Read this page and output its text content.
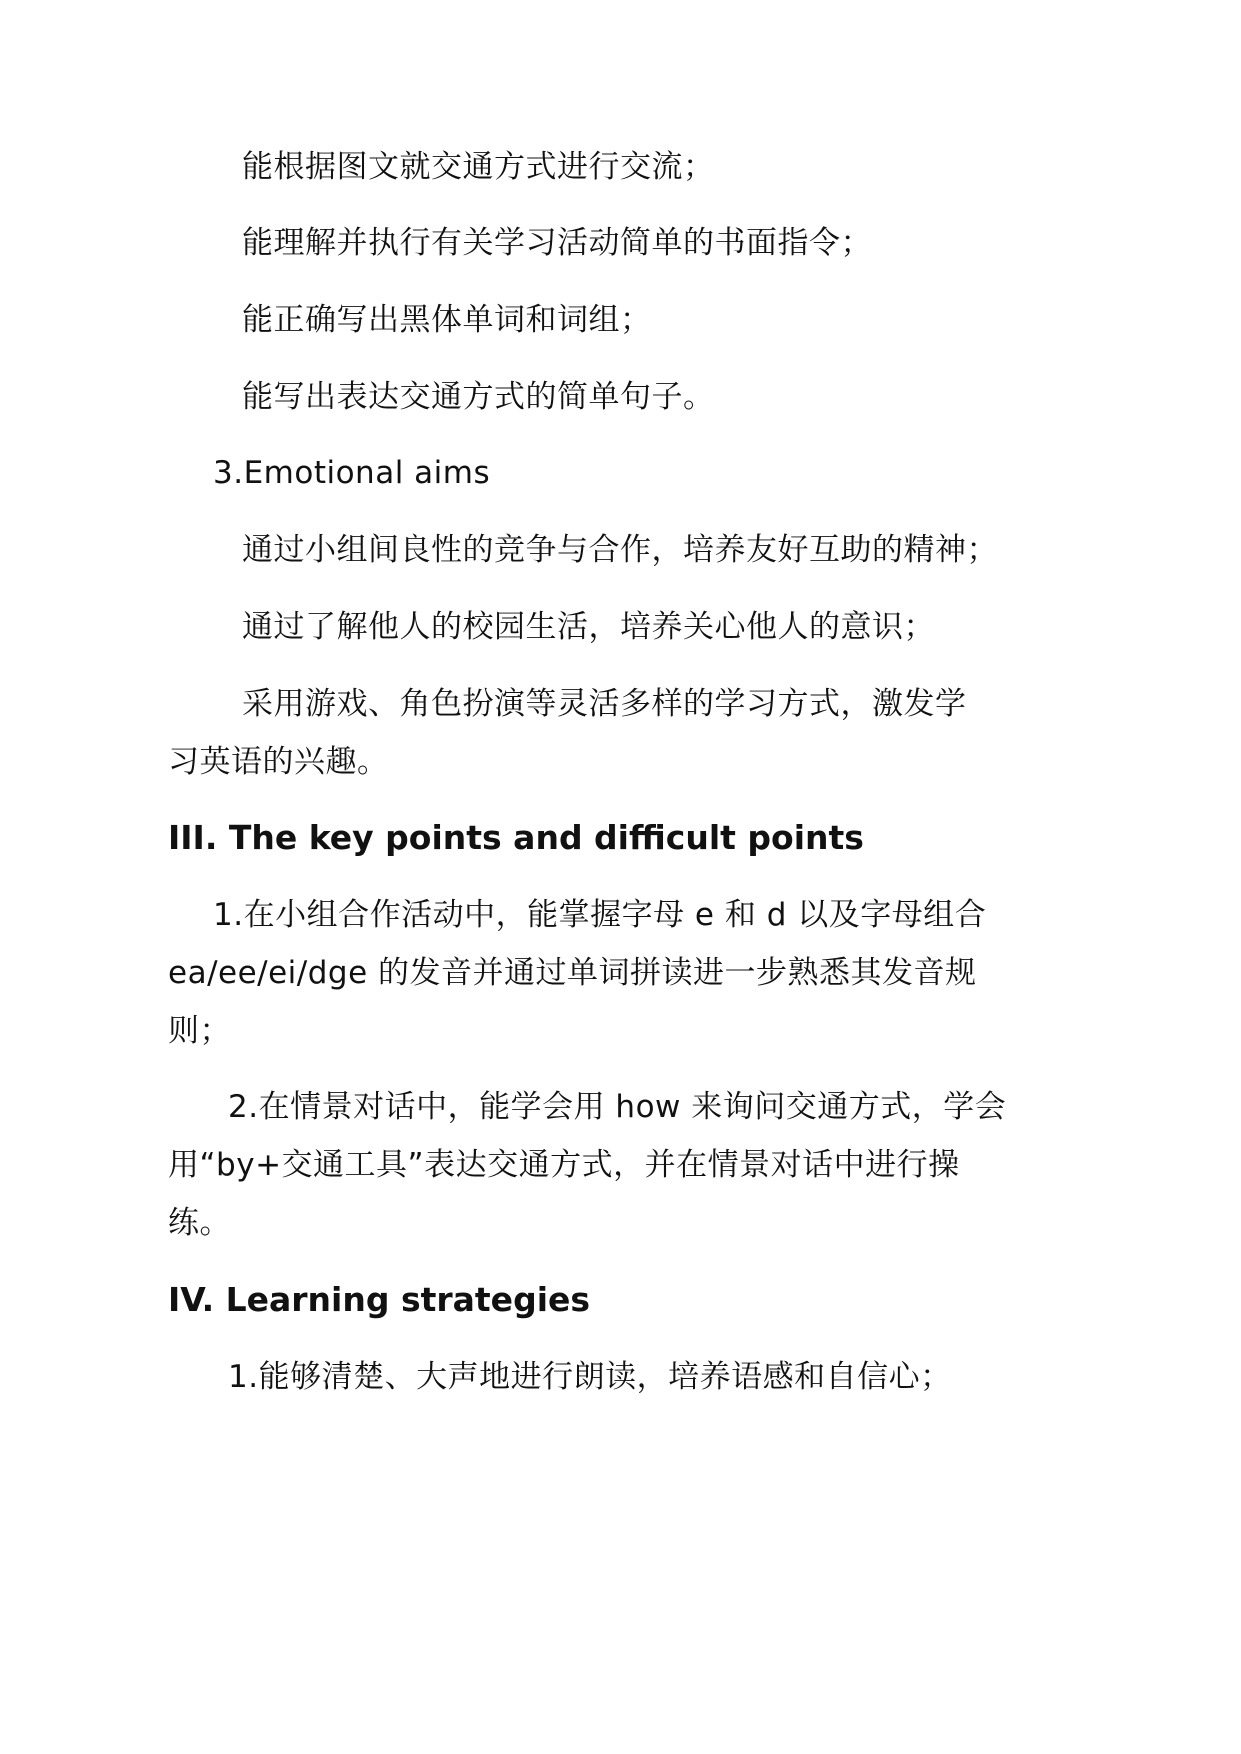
能根据图文就交通方式进行交流；
能理解并执行有关学习活动简单的书面指令；
能正确写出黑体单词和词组；
能写出表达交通方式的简单句子。
3.Emotional aims
通过小组间良性的竞争与合作，培养友好互助的精神；
通过了解他人的校园生活，培养关心他人的意识；
采用游戏、角色扮演等灵活多样的学习方式，激发学
习英语的兴趣。
III. The key points and difficult points
1.在小组合作活动中，能掌握字母 e 和 d 以及字母组合
ea/ee/ei/dge 的发音并通过单词拼读进一步熟悉其发音规
则；
2.在情景对话中，能学会用 how 来询问交通方式，学会
用“by+交通工具”表达交通方式，并在情景对话中进行操
练。
IV. Learning strategies
1.能够清楚、大声地进行朗读，培养语感和自信心；
